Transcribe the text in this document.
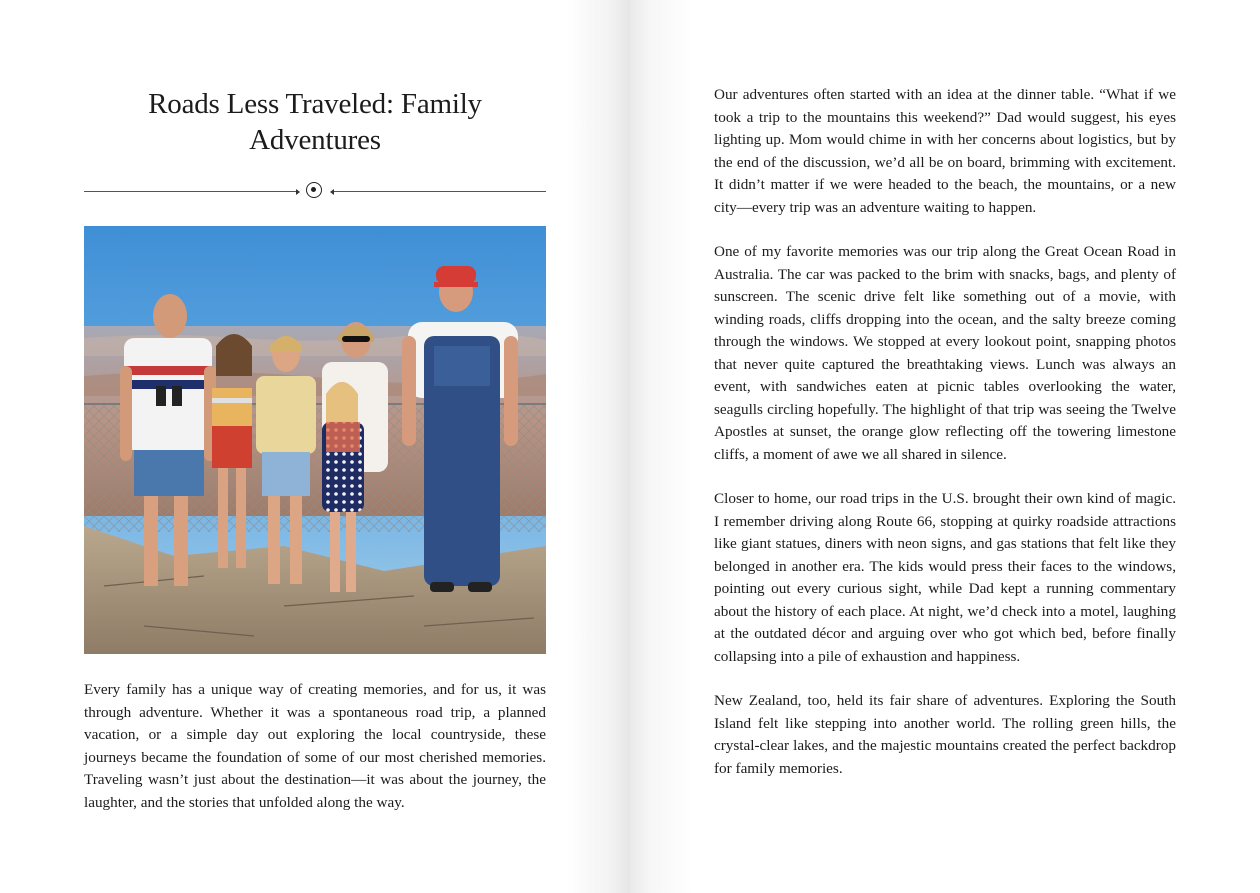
Roads Less Traveled: Family Adventures

Every family has a unique way of creating memories, and for us, it was through adventure. Whether it was a spontaneous road trip, a planned vacation, or a simple day out exploring the local countryside, these journeys became the foundation of some of our most cherished memories. Traveling wasn’t just about the destination—it was about the journey, the laughter, and the stories that unfolded along the way.

Our adventures often started with an idea at the dinner table. “What if we took a trip to the mountains this weekend?” Dad would suggest, his eyes lighting up. Mom would chime in with her concerns about logistics, but by the end of the discussion, we’d all be on board, brimming with excitement. It didn’t matter if we were headed to the beach, the mountains, or a new city—every trip was an adventure waiting to happen.

One of my favorite memories was our trip along the Great Ocean Road in Australia. The car was packed to the brim with snacks, bags, and plenty of sunscreen. The scenic drive felt like something out of a movie, with winding roads, cliffs dropping into the ocean, and the salty breeze coming through the windows. We stopped at every lookout point, snapping photos that never quite captured the breathtaking views. Lunch was always an event, with sandwiches eaten at picnic tables overlooking the water, seagulls circling hopefully. The highlight of that trip was seeing the Twelve Apostles at sunset, the orange glow reflecting off the towering limestone cliffs, a moment of awe we all shared in silence.

Closer to home, our road trips in the U.S. brought their own kind of magic. I remember driving along Route 66, stopping at quirky roadside attractions like giant statues, diners with neon signs, and gas stations that felt like they belonged in another era. The kids would press their faces to the windows, pointing out every curious sight, while Dad kept a running commentary about the history of each place. At night, we’d check into a motel, laughing at the outdated décor and arguing over who got which bed, before finally collapsing into a pile of exhaustion and happiness.

New Zealand, too, held its fair share of adventures. Exploring the South Island felt like stepping into another world. The rolling green hills, the crystal-clear lakes, and the majestic mountains created the perfect backdrop for family memories.
